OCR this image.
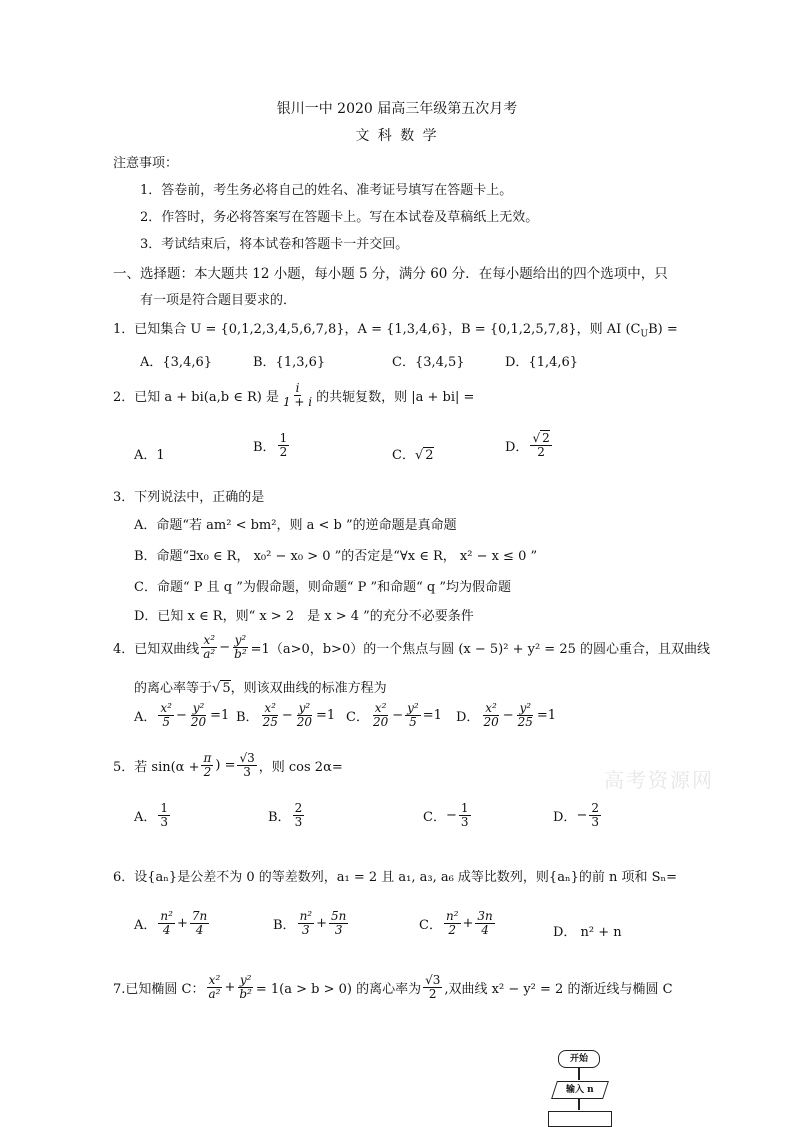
银川一中 2020 届高三年级第五次月考
文 科 数 学
注意事项：
1．答卷前，考生务必将自己的姓名、准考证号填写在答题卡上。
2．作答时，务必将答案写在答题卡上。写在本试卷及草稿纸上无效。
3．考试结束后，将本试卷和答题卡一并交回。
一、选择题：本大题共 12 小题，每小题 5 分，满分 60 分．在每小题给出的四个选项中，只
有一项是符合题目要求的．
1．已知集合 U = {0,1,2,3,4,5,6,7,8}，A = {1,3,4,6}，B = {0,1,2,5,7,8}，则 AI $(C_UB)$ =
A．{3,4,6}	B．{1,3,6}	C．{3,4,5}	D．{1,4,6}
2．已知 a + bi(a,b ∈ R) 是 $\frac{i}{1 + i}$ 的共轭复数，则 |a + bi| =
A．1
B． $\frac{1}{2}$	C．√ 2
D． $\frac{√ 2}{2}$
3．下列说法中，正确的是
A．命题“若 am² < bm²，则 a < b ”的逆命题是真命题
B．命题“∃x₀ ∈ R， x₀² − x₀ > 0 ”的否定是“∀x ∈ R， x² − x ≤ 0 ”
C．命题“ P 且 q ”为假命题，则命题“ P ”和命题“ q ”均为假命题
D．已知 x ∈ R，则“ x > 2　是 x > 4 ”的充分不必要条件
4．已知双曲线 $\frac{\text{x²}}{\text{a²}} - \frac{\text{y²}}{\text{b²}} =1(a>0$，b>0）的一个焦点与圆 (x − 5)² + y² = 25 的圆心重合，且双曲线
的离心率等于√ 5，则该双曲线的标准方程为
A． $\frac{\text{x²}}{5} - \frac{\text{y²}}{20} =1$ B． $\frac{\text{x²}}{25} - \frac{\text{y²}}{20} =1$ C． $\frac{\text{x²}}{20} - \frac{\text{y²}}{5} =1$ D． $\frac{\text{x²}}{20} - \frac{\text{y²}}{25} =1$
5．若 $\sin(\alpha + \frac{\pi}{2}$ ) = $\frac{√3}{3}$ ，则 cos 2α=
A． $\frac{1}{3}$	B． $\frac{2}{3}$	C． − $\frac{1}{3}$	D． − $\frac{2}{3}$
高考资源网
6．设{aₙ}是公差不为 0 的等差数列，a₁ = 2 且 a₁, a₃, a₆ 成等比数列，则{aₙ}的前 n 项和 Sₙ=
A． $\frac{\text{n²}}{4} + \frac{7n}{4}$	B． $\frac{\text{n²}}{3} + \frac{5n}{3}$	C． $\frac{\text{n²}}{2} + \frac{3n}{4}$	D． n² + n
7.已知椭圆 C： $\frac{\text{x²}}{\text{a²}} + \frac{\text{y²}}{\text{b²}} = 1(a > b > 0)$ 的离心率为 $\frac{√3}{2}$ ,双曲线 x² − y² = 2 的渐近线与椭圆 C
开始
输入 n
